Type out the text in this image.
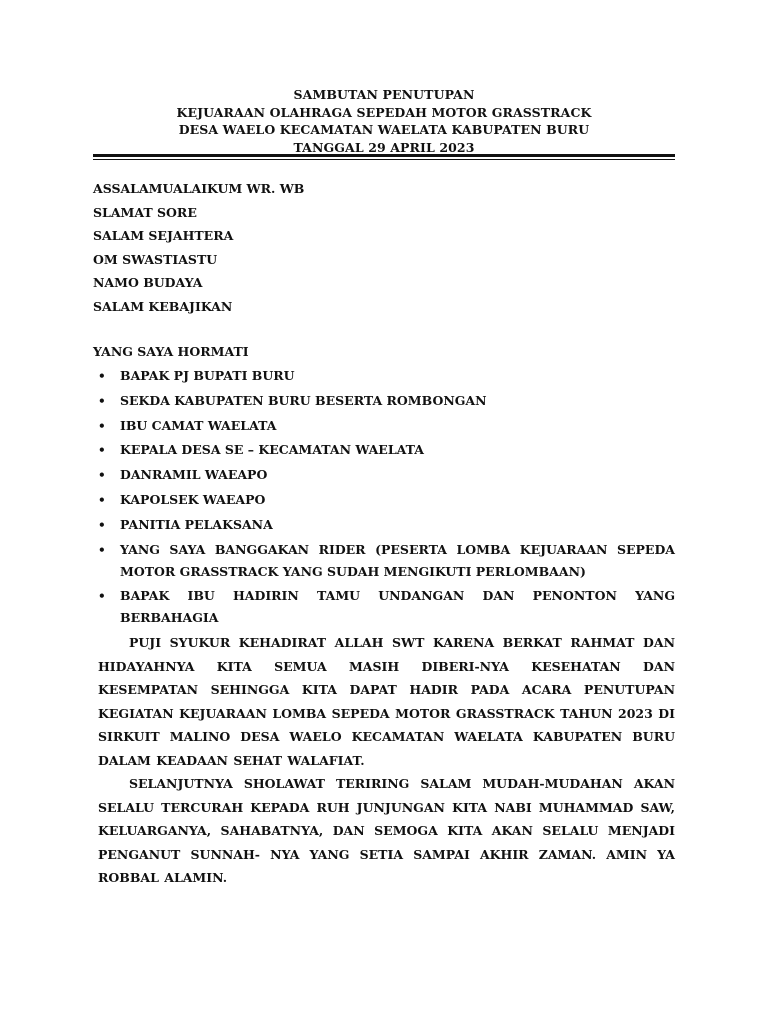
SAMBUTAN PENUTUPAN
KEJUARAAN OLAHRAGA SEPEDAH MOTOR GRASSTRACK
DESA WAELO KECAMATAN WAELATA KABUPATEN BURU
TANGGAL 29 APRIL 2023
ASSALAMUALAIKUM WR. WB
SLAMAT SORE
SALAM SEJAHTERA
OM SWASTIASTU
NAMO BUDAYA
SALAM KEBAJIKAN
YANG SAYA HORMATI
• BAPAK PJ BUPATI BURU
• SEKDA KABUPATEN BURU BESERTA ROMBONGAN
• IBU CAMAT WAELATA
• KEPALA DESA SE – KECAMATAN WAELATA
• DANRAMIL WAEAPO
• KAPOLSEK WAEAPO
• PANITIA PELAKSANA
• YANG SAYA BANGGAKAN RIDER (PESERTA LOMBA KEJUARAAN SEPEDA MOTOR GRASSTRACK YANG SUDAH MENGIKUTI PERLOMBAAN)
• BAPAK IBU HADIRIN TAMU UNDANGAN DAN PENONTON YANG BERBAHAGIA

PUJI SYUKUR KEHADIRAT ALLAH SWT KARENA BERKAT RAHMAT DAN HIDAYAHNYA KITA SEMUA MASIH DIBERI-NYA KESEHATAN DAN KESEMPATAN SEHINGGA KITA DAPAT HADIR PADA ACARA PENUTUPAN KEGIATAN KEJUARAAN LOMBA SEPEDA MOTOR GRASSTRACK TAHUN 2023 DI SIRKUIT MALINO DESA WAELO KECAMATAN WAELATA KABUPATEN BURU DALAM KEADAAN SEHAT WALAFIAT.

SELANJUTNYA SHOLAWAT TERIRING SALAM MUDAH-MUDAHAN AKAN SELALU TERCURAH KEPADA RUH JUNJUNGAN KITA NABI MUHAMMAD SAW, KELUARGANYA, SAHABATNYA, DAN SEMOGA KITA AKAN SELALU MENJADI PENGANUT SUNNAH- NYA YANG SETIA SAMPAI AKHIR ZAMAN. AMIN YA ROBBAL ALAMIN.
